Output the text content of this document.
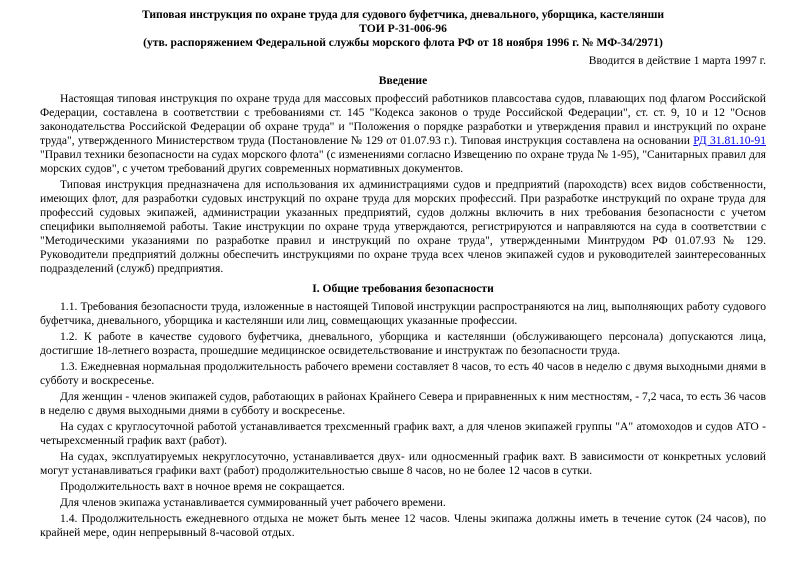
Типовая инструкция по охране труда для судового буфетчика, дневального, уборщика, кастелянши

ТОИ Р-31-006-96

(утв. распоряжением Федеральной службы морского флота РФ от 18 ноября 1996 г. № МФ-34/2971)

Вводится в действие 1 марта 1997 г.

Введение

Настоящая типовая инструкция по охране труда для массовых профессий работников плавсостава судов, плавающих под флагом Российской Федерации, составлена в соответствии с требованиями ст. 145 "Кодекса законов о труде Российской Федерации", ст. ст. 9, 10 и 12 "Основ законодательства Российской Федерации об охране труда" и "Положения о порядке разработки и утверждения правил и инструкций по охране труда", утвержденного Министерством труда (Постановление № 129 от 01.07.93 г.). Типовая инструкция составлена на основании РД 31.81.10-91 "Правил техники безопасности на судах морского флота" (с изменениями согласно Извещению по охране труда № 1-95), "Санитарных правил для морских судов", с учетом требований других современных нормативных документов.

Типовая инструкция предназначена для использования их администрациями судов и предприятий (пароходств) всех видов собственности, имеющих флот, для разработки судовых инструкций по охране труда для морских профессий. При разработке инструкций по охране труда для профессий судовых экипажей, администрации указанных предприятий, судов должны включить в них требования безопасности с учетом специфики выполняемой работы. Такие инструкции по охране труда утверждаются, регистрируются и направляются на суда в соответствии с "Методическими указаниями по разработке правил и инструкций по охране труда", утвержденными Минтрудом РФ 01.07.93 № 129. Руководители предприятий должны обеспечить инструкциями по охране труда всех членов экипажей судов и руководителей заинтересованных подразделений (служб) предприятия.

I. Общие требования безопасности

1.1. Требования безопасности труда, изложенные в настоящей Типовой инструкции распространяются на лиц, выполняющих работу судового буфетчика, дневального, уборщика и кастелянши или лиц, совмещающих указанные профессии.

1.2. К работе в качестве судового буфетчика, дневального, уборщика и кастелянши (обслуживающего персонала) допускаются лица, достигшие 18-летнего возраста, прошедшие медицинское освидетельствование и инструктаж по безопасности труда.

1.3. Ежедневная нормальная продолжительность рабочего времени составляет 8 часов, то есть 40 часов в неделю с двумя выходными днями в субботу и воскресенье.

Для женщин - членов экипажей судов, работающих в районах Крайнего Севера и приравненных к ним местностям, - 7,2 часа, то есть 36 часов в неделю с двумя выходными днями в субботу и воскресенье.

На судах с круглосуточной работой устанавливается трехсменный график вахт, а для членов экипажей группы "А" атомоходов и судов АТО - четырехсменный график вахт (работ).

На судах, эксплуатируемых некруглосуточно, устанавливается двух- или односменный график вахт. В зависимости от конкретных условий могут устанавливаться графики вахт (работ) продолжительностью свыше 8 часов, но не более 12 часов в сутки.

Продолжительность вахт в ночное время не сокращается.

Для членов экипажа устанавливается суммированный учет рабочего времени.

1.4. Продолжительность ежедневного отдыха не может быть менее 12 часов. Члены экипажа должны иметь в течение суток (24 часов), по крайней мере, один непрерывный 8-часовой отдых.
